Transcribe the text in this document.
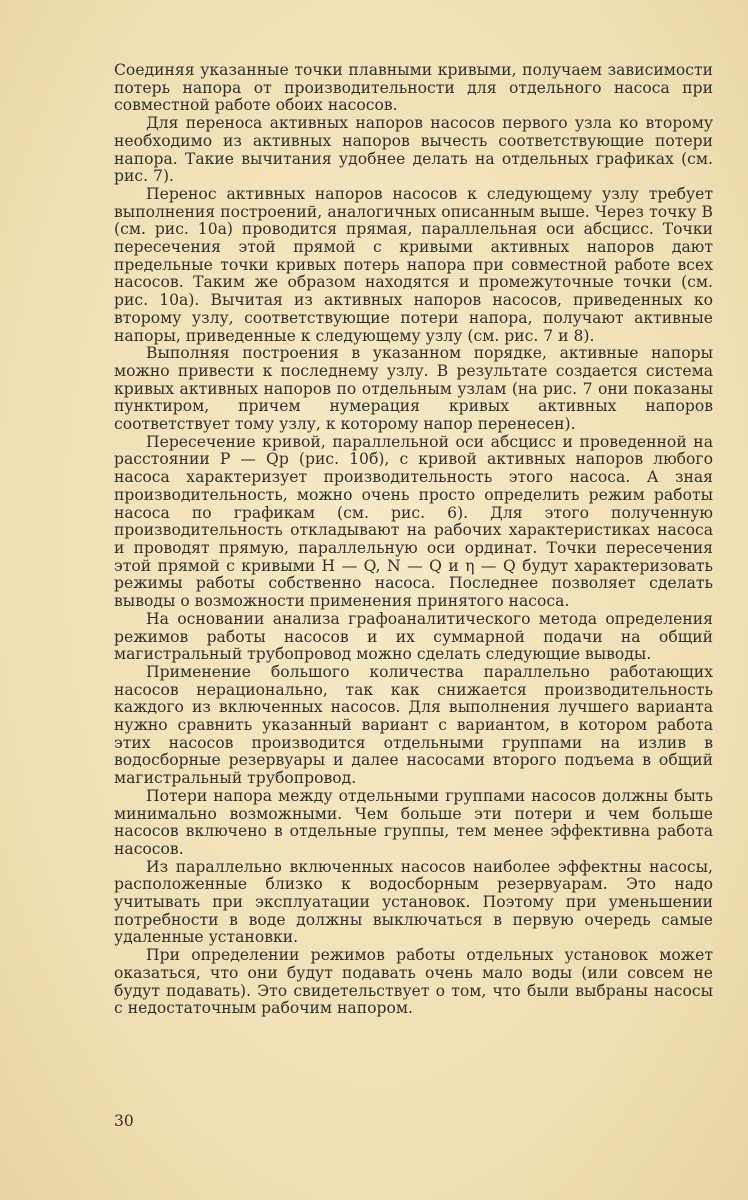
Соединяя указанные точки плавными кривыми, получаем зависимости потерь напора от производительности для отдельного насоса при совместной работе обоих насосов.

Для переноса активных напоров насосов первого узла ко второму необходимо из активных напоров вычесть соответствующие потери напора. Такие вычитания удобнее делать на отдельных графиках (см. рис. 7).

Перенос активных напоров насосов к следующему узлу требует выполнения построений, аналогичных описанным выше. Через точку B (см. рис. 10a) проводится прямая, параллельная оси абсцисс. Точки пересечения этой прямой с кривыми активных напоров дают предельные точки кривых потерь напора при совместной работе всех насосов. Таким же образом находятся и промежуточные точки (см. рис. 10a). Вычитая из активных напоров насосов, приведенных ко второму узлу, соответствующие потери напора, получают активные напоры, приведенные к следующему узлу (см. рис. 7 и 8).

Выполняя построения в указанном порядке, активные напоры можно привести к последнему узлу. В результате создается система кривых активных напоров по отдельным узлам (на рис. 7 они показаны пунктиром, причем нумерация кривых активных напоров соответствует тому узлу, к которому напор перенесен).

Пересечение кривой, параллельной оси абсцисс и проведенной на расстоянии P — Qр (рис. 10б), с кривой активных напоров любого насоса характеризует производительность этого насоса. А зная производительность, можно очень просто определить режим работы насоса по графикам (см. рис. 6). Для этого полученную производительность откладывают на рабочих характеристиках насоса и проводят прямую, параллельную оси ординат. Точки пересечения этой прямой с кривыми H — Q, N — Q и η — Q будут характеризовать режимы работы собственно насоса. Последнее позволяет сделать выводы о возможности применения принятого насоса.

На основании анализа графоаналитического метода определения режимов работы насосов и их суммарной подачи на общий магистральный трубопровод можно сделать следующие выводы.

Применение большого количества параллельно работающих насосов нерационально, так как снижается производительность каждого из включенных насосов. Для выполнения лучшего варианта нужно сравнить указанный вариант с вариантом, в котором работа этих насосов производится отдельными группами на излив в водосборные резервуары и далее насосами второго подъема в общий магистральный трубопровод.

Потери напора между отдельными группами насосов должны быть минимально возможными. Чем больше эти потери и чем больше насосов включено в отдельные группы, тем менее эффективна работа насосов.

Из параллельно включенных насосов наиболее эффектны насосы, расположенные близко к водосборным резервуарам. Это надо учитывать при эксплуатации установок. Поэтому при уменьшении потребности в воде должны выключаться в первую очередь самые удаленные установки.

При определении режимов работы отдельных установок может оказаться, что они будут подавать очень мало воды (или совсем не будут подавать). Это свидетельствует о том, что были выбраны насосы с недостаточным рабочим напором.

30
